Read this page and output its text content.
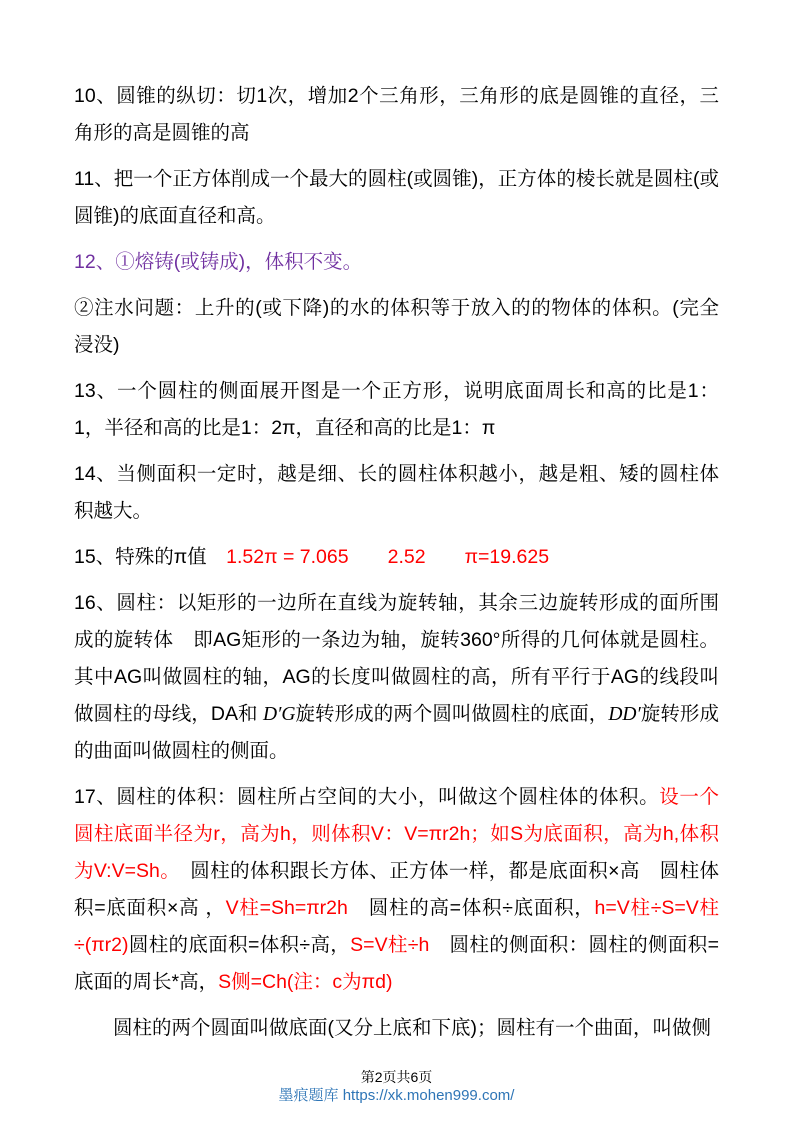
10、圆锥的纵切：切1次，增加2个三角形，三角形的底是圆锥的直径，三角形的高是圆锥的高
11、把一个正方体削成一个最大的圆柱(或圆锥)，正方体的棱长就是圆柱(或圆锥)的底面直径和高。
12、①熔铸(或铸成)，体积不变。
②注水问题：上升的(或下降)的水的体积等于放入的的物体的体积。(完全 浸没)
13、一个圆柱的侧面展开图是一个正方形，说明底面周长和高的比是1：1，半径和高的比是1：2π，直径和高的比是1：π
14、当侧面积一定时，越是细、长的圆柱体积越小，越是粗、矮的圆柱体积越大。
15、特殊的π值　1.52π = 7.065　　 2.52　　 π=19.625
16、圆柱：以矩形的一边所在直线为旋转轴，其余三边旋转形成的面所围成的旋转体　即AG矩形的一条边为轴，旋转360°所得的几何体就是圆柱。其中AG叫做圆柱的轴，AG的长度叫做圆柱的高，所有平行于AG的线段叫做圆柱的母线，DA和 D′G旋转形成的两个圆叫做圆柱的底面，DD′旋转形成的曲面叫做圆柱的侧面。
17、圆柱的体积：圆柱所占空间的大小，叫做这个圆柱体的体积。设一个圆柱底面半径为r，高为h，则体积V：V=πr2h；如S为底面积，高为h,体积为V:V=Sh。　圆柱的体积跟长方体、正方体一样，都是底面积×高　圆柱体积=底面积×高 ，V柱=Sh=πr2h　圆柱的高=体积÷底面积，h=V柱÷S=V柱÷(πr2)圆柱的底面积=体积÷高，S=V柱÷h　圆柱的侧面积：圆柱的侧面积=底面的周长*高，S侧=Ch(注：c为πd)
圆柱的两个圆面叫做底面(又分上底和下底)；圆柱有一个曲面，叫做侧
第2页共6页
墨痕题库 https://xk.mohen999.com/
